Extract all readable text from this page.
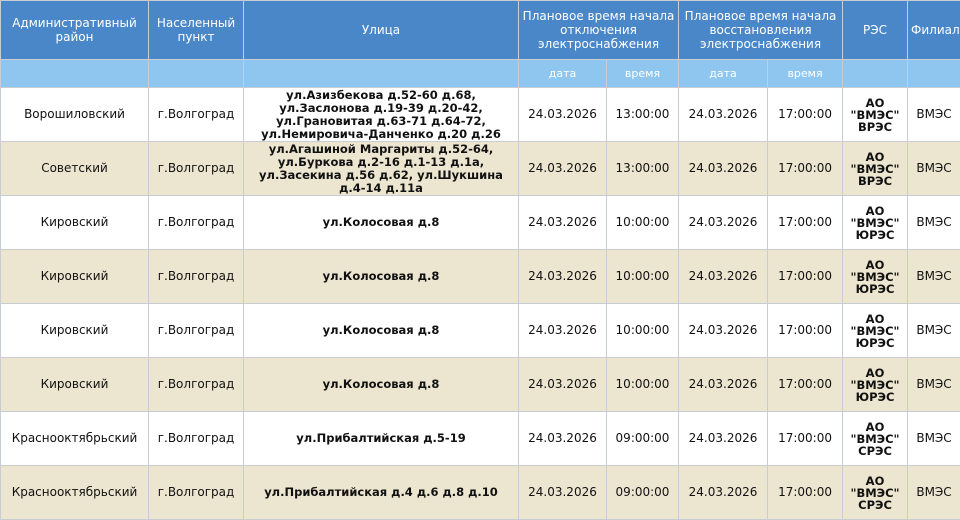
Административный район	Населенный пункт	Улица	Плановое время начала отключения электроснабжения		Плановое время начала восстановления электроснабжения		РЭС	Филиал
			дата	время	дата	время		
Ворошиловский	г.Волгоград	ул.Азизбекова д.52-60 д.68, ул.Заслонова д.19-39 д.20-42, ул.Грановитая д.63-71 д.64-72, ул.Немировича-Данченко д.20 д.26	24.03.2026	13:00:00	24.03.2026	17:00:00	АО "ВМЭС" ВРЭС	ВМЭС
Советский	г.Волгоград	ул.Агашиной Маргариты д.52-64, ул.Буркова д.2-16 д.1-13 д.1а, ул.Засекина д.56 д.62, ул.Шукшина д.4-14 д.11а	24.03.2026	13:00:00	24.03.2026	17:00:00	АО "ВМЭС" ВРЭС	ВМЭС
Кировский	г.Волгоград	ул.Колосовая д.8	24.03.2026	10:00:00	24.03.2026	17:00:00	АО "ВМЭС" ЮРЭС	ВМЭС
Кировский	г.Волгоград	ул.Колосовая д.8	24.03.2026	10:00:00	24.03.2026	17:00:00	АО "ВМЭС" ЮРЭС	ВМЭС
Кировский	г.Волгоград	ул.Колосовая д.8	24.03.2026	10:00:00	24.03.2026	17:00:00	АО "ВМЭС" ЮРЭС	ВМЭС
Кировский	г.Волгоград	ул.Колосовая д.8	24.03.2026	10:00:00	24.03.2026	17:00:00	АО "ВМЭС" ЮРЭС	ВМЭС
Краснооктябрьский	г.Волгоград	ул.Прибалтийская д.5-19	24.03.2026	09:00:00	24.03.2026	17:00:00	АО "ВМЭС" СРЭС	ВМЭС
Краснооктябрьский	г.Волгоград	ул.Прибалтийская д.4 д.6 д.8 д.10	24.03.2026	09:00:00	24.03.2026	17:00:00	АО "ВМЭС" СРЭС	ВМЭС
